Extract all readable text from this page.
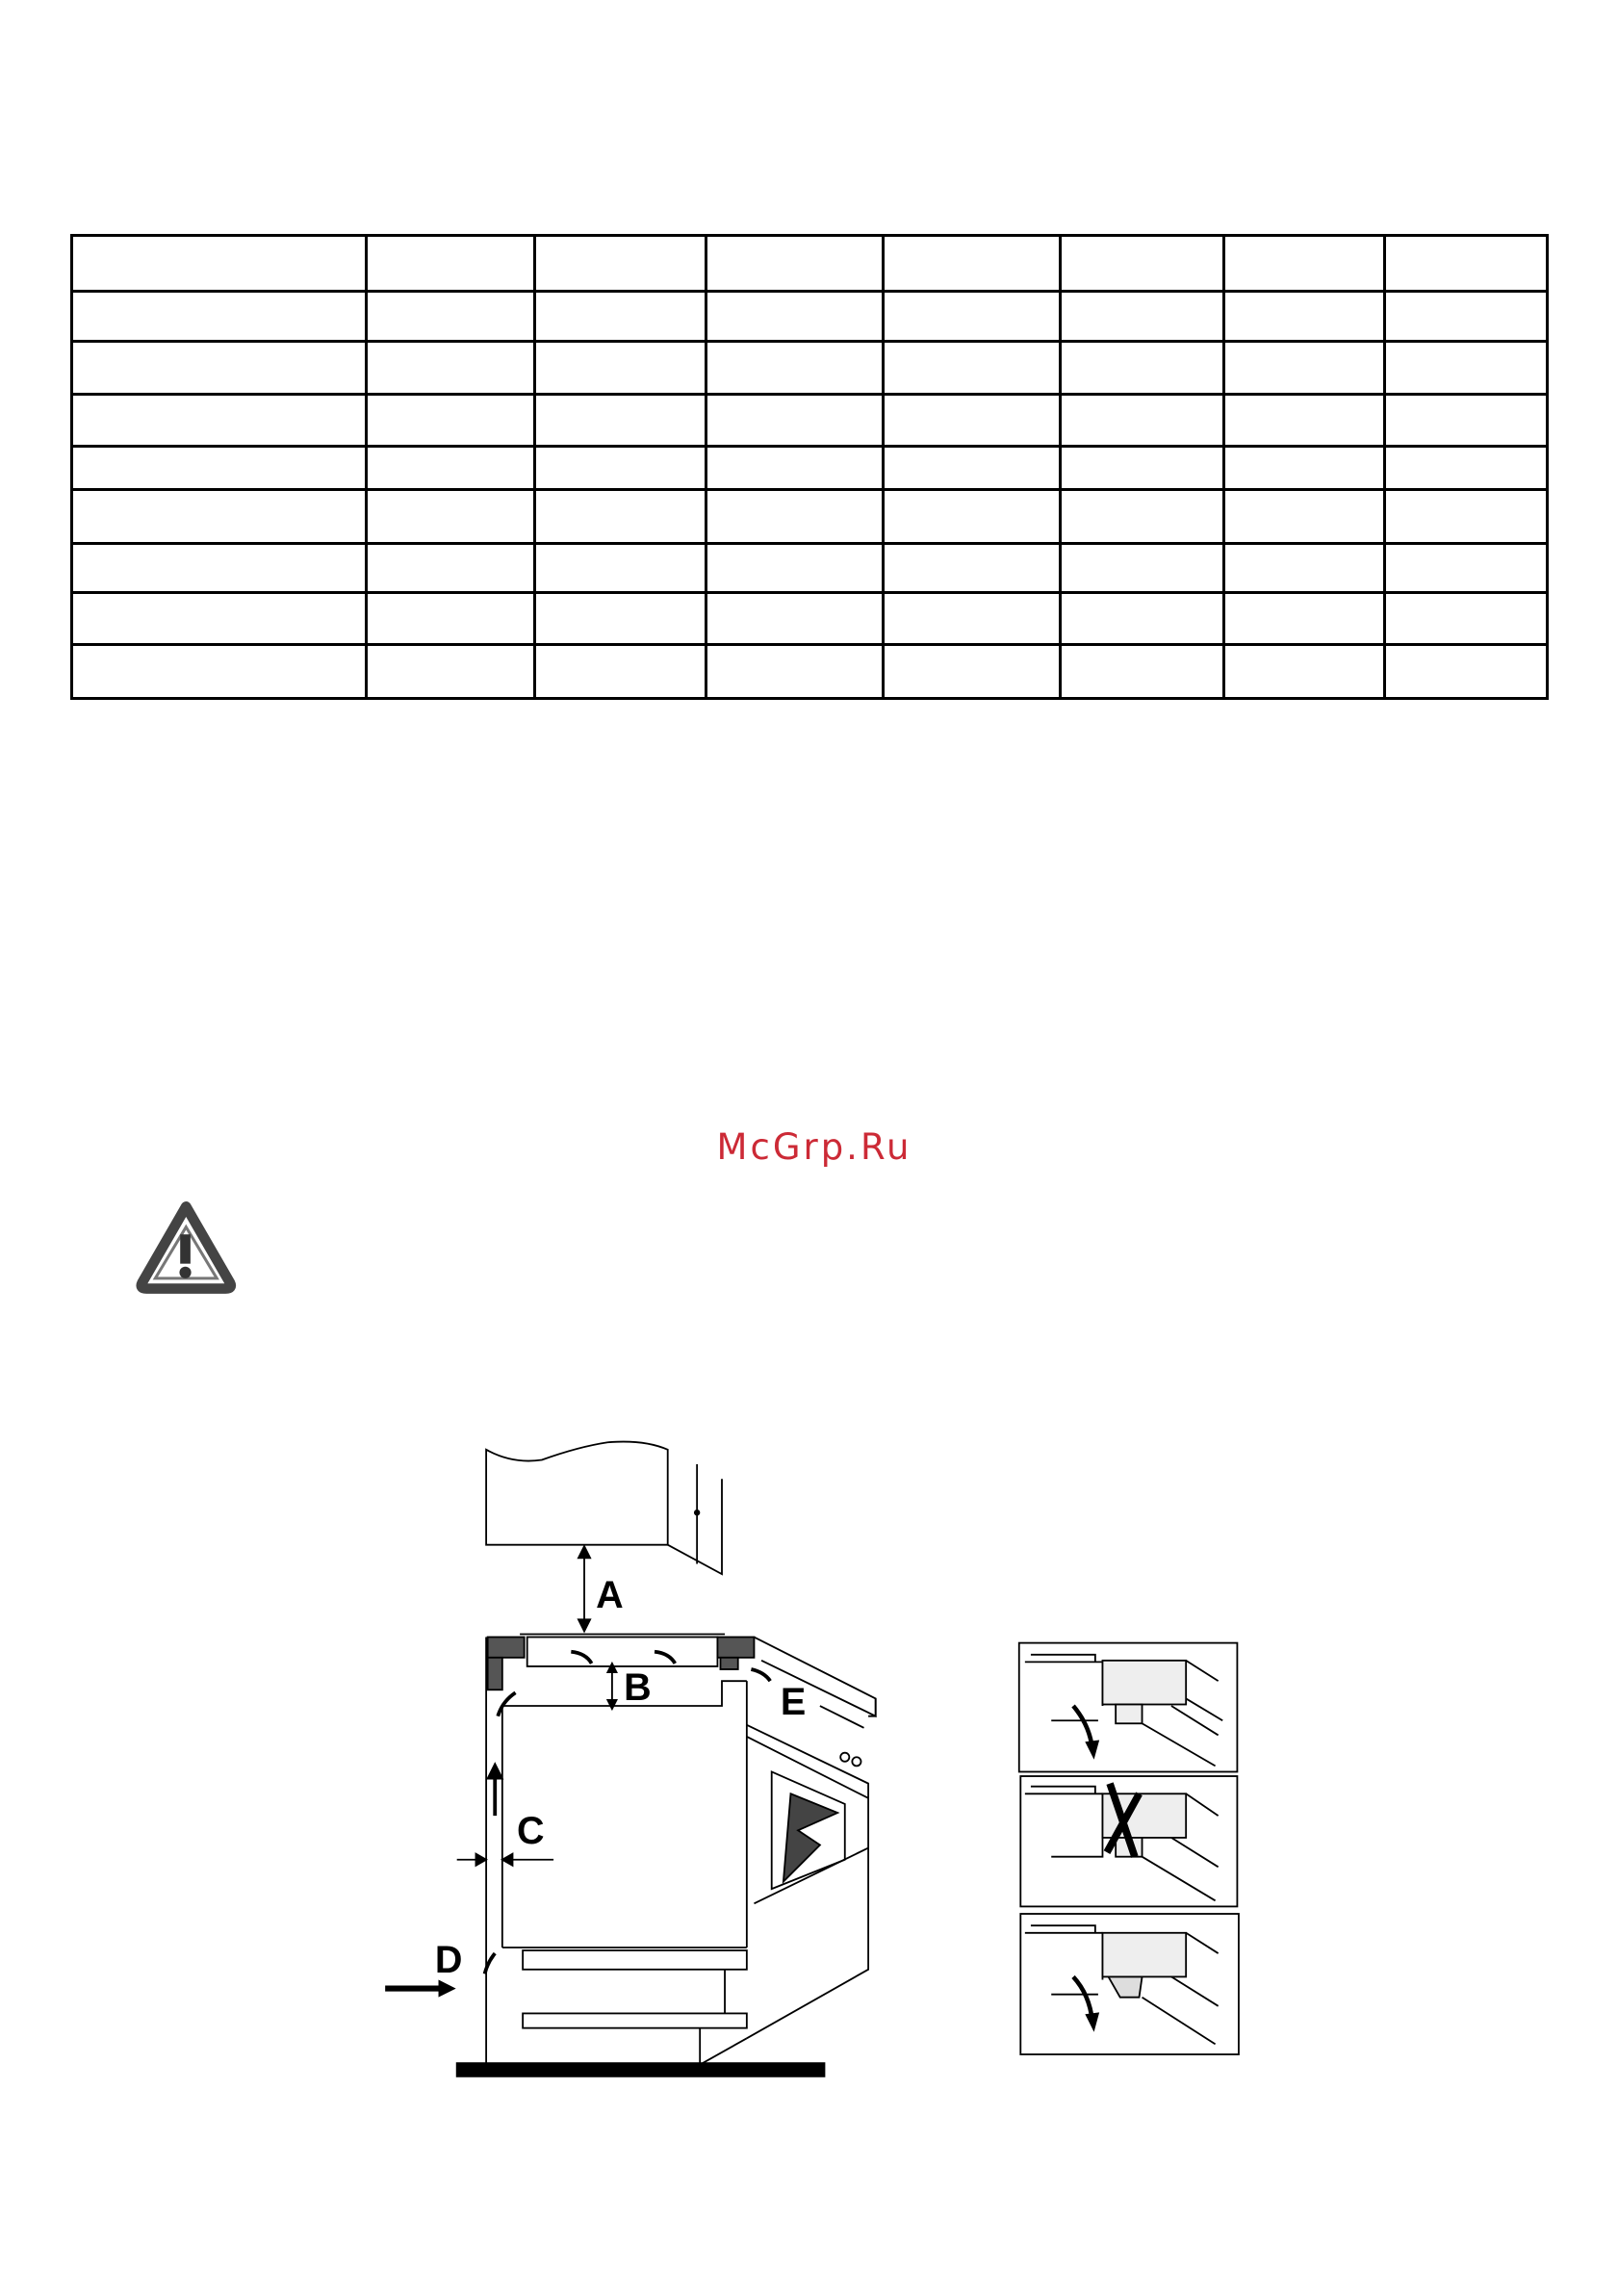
McGrp.Ru
A
B
C
D
E
